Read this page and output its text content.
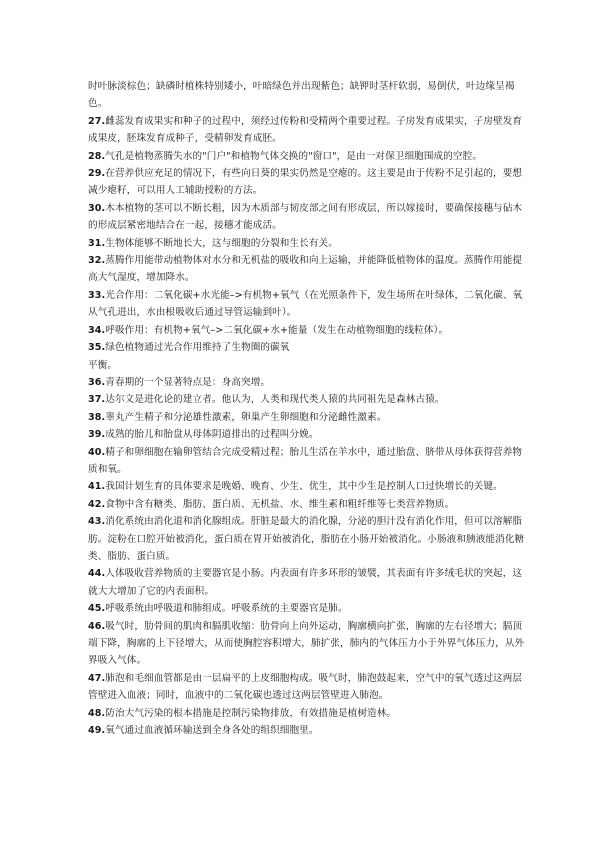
时叶脉淡棕色；缺磷时植株特别矮小，叶暗绿色并出现紫色；缺钾时茎杆软弱，易倒伏，叶边缘呈褐色。

27.雌蕊发育成果实和种子的过程中，须经过传粉和受精两个重要过程。子房发育成果实，子房壁发育成果皮，胚珠发育成种子，受精卵发育成胚。

28.气孔是植物蒸腾失水的"门户"和植物气体交换的"窗口"，是由一对保卫细胞围成的空腔。

29.在营养供应充足的情况下，有些向日葵的果实仍然是空瘪的。这主要是由于传粉不足引起的，要想减少瘪籽，可以用人工辅助授粉的方法。

30.木本植物的茎可以不断长粗，因为木质部与韧皮部之间有形成层，所以嫁接时，要确保接穗与砧木的形成层紧密地结合在一起，接穗才能成活。

31.生物体能够不断地长大，这与细胞的分裂和生长有关。

32.蒸腾作用能带动植物体对水分和无机盐的吸收和向上运输，并能降低植物体的温度。蒸腾作用能提高大气湿度，增加降水。

33.光合作用：二氧化碳+水光能–>有机物+氧气（在光照条件下，发生场所在叶绿体，二氧化碳、氧从气孔进出，水由根吸收后通过导管运输到叶）。

34.呼吸作用：有机物+氧气–>二氧化碳+水+能量（发生在动植物细胞的线粒体）。

35.绿色植物通过光合作用维持了生物圈的碳氧

平衡。

36.青春期的一个显著特点是：身高突增。

37.达尔文是进化论的建立者。他认为，人类和现代类人猿的共同祖先是森林古猿。

38.睾丸产生精子和分泌雄性激素，卵巢产生卵细胞和分泌雌性激素。

39.成熟的胎儿和胎盘从母体阴道排出的过程叫分娩。

40.精子和卵细胞在输卵管结合完成受精过程；胎儿生活在羊水中，通过胎盘、脐带从母体获得营养物质和氧。

41.我国计划生育的具体要求是晚婚、晚育、少生、优生，其中少生是控制人口过快增长的关键。

42.食物中含有糖类、脂肪、蛋白质、无机盐、水、维生素和粗纤维等七类营养物质。

43.消化系统由消化道和消化腺组成。肝脏是最大的消化腺，分泌的胆汁没有消化作用，但可以溶解脂肪。淀粉在口腔开始被消化，蛋白质在胃开始被消化，脂肪在小肠开始被消化。小肠液和胰液能消化糖类、脂肪、蛋白质。

44.人体吸收营养物质的主要器官是小肠。内表面有许多环形的皱襞，其表面有许多绒毛状的突起，这就大大增加了它的内表面积。

45.呼吸系统由呼吸道和肺组成。呼吸系统的主要器官是肺。

46.吸气时，肋骨间的肌肉和膈肌收缩：肋骨向上向外运动，胸廓横向扩张，胸廓的左右径增大；膈顶端下降，胸廓的上下径增大，从而使胸腔容积增大，肺扩张，肺内的气体压力小于外界气体压力，从外界吸入气体。

47.肺泡和毛细血管都是由一层扁平的上皮细胞构成。吸气时，肺泡鼓起来，空气中的氧气透过这两层管壁进入血液；同时，血液中的二氧化碳也透过这两层管壁进入肺泡。

48.防治大气污染的根本措施是控制污染物排放，有效措施是植树造林。

49.氧气通过血液循环输送到全身各处的组织细胞里。
